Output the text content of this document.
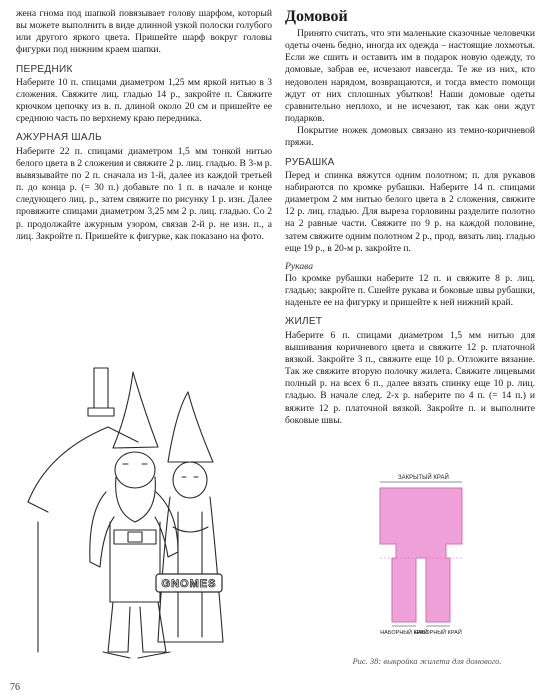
жена гнома под шапкой повязывает голову шарфом, который вы можете выполнить в виде длинной узкой полоски голубого или другого яркого цвета. Пришейте шарф вокруг головы фигурки под нижним краем шапки.

ПЕРЕДНИК

Наберите 10 п. спицами диаметром 1,25 мм яркой нитью в 3 сложения. Свяжите лиц. гладью 14 р., закройте п. Свяжите крючком цепочку из в. п. длиной около 20 см и пришейте ее среднюю часть по верхнему краю передника.

АЖУРНАЯ ШАЛЬ

Наберите 22 п. спицами диаметром 1,5 мм тонкой нитью белого цвета в 2 сложения и свяжите 2 р. лиц. гладью. В 3-м р. вывязывайте по 2 п. сначала из 1-й, далее из каждой третьей п. до конца р. (= 30 п.) добавьте по 1 п. в начале и конце следующего лиц. р., затем свяжите по рисунку 1 р. изн. Далее провяжите спицами диаметром 3,25 мм 2 р. лиц. гладью. Со 2 р. продолжайте ажурным узором, связав 2-й р. не изн. п., а лиц. Закройте п. Пришейте к фигурке, как показано на фото.

GNOMES
Домовой

Принято считать, что эти маленькие сказочные человечки одеты очень бедно, иногда их одежда – настоящие лохмотья. Если же сшить и оставить им в подарок новую одежду, то домовые, забрав ее, исчезают навсегда. Те же из них, кто недоволен нарядом, возвращаются, и тогда вместо помощи ждут от них сплошных убытков! Наши домовые одеты сравнительно неплохо, и не исчезают, так как они ждут подарков.

Покрытие ножек домовых связано из темно-коричневой пряжи.

РУБАШКА

Перед и спинка вяжутся одним полотном; п. для рукавов набираются по кромке рубашки. Наберите 14 п. спицами диаметром 2 мм нитью белого цвета в 2 сложения, свяжите 12 р. лиц. гладью. Для выреза горловины разделите полотно на 2 равные части. Свяжите по 9 р. на каждой половине, затем свяжите одним полотном 2 р., прод. вязать лиц. гладью еще 19 р., в 20-м р. закройте п.

Рукава

По кромке рубашки наберите 12 п. и свяжите 8 р. лиц. гладью; закройте п. Сшейте рукава и боковые швы рубашки, наденьте ее на фигурку и пришейте к ней нижний край.

ЖИЛЕТ

Наберите 6 п. спицами диаметром 1,5 мм нитью для вышивания коричневого цвета и свяжите 12 р. платочной вязкой. Закройте 3 п., свяжите еще 10 р. Отложите вязание. Так же свяжите вторую полочку жилета. Свяжите лицевыми полный р. на всех 6 п., далее вязать спинку еще 10 р. лиц. гладью. В начале след. 2-х р. наберите по 4 п. (= 14 п.) и вяжите 12 р. платочной вязкой. Закройте п. и выполните боковые швы.

ЗАКРЫТЫЙ КРАЙ
НАБОРНЫЙ КРАЙ
НАБОРНЫЙ КРАЙ
Рис. 38: выкройка жилета для домового.
76
